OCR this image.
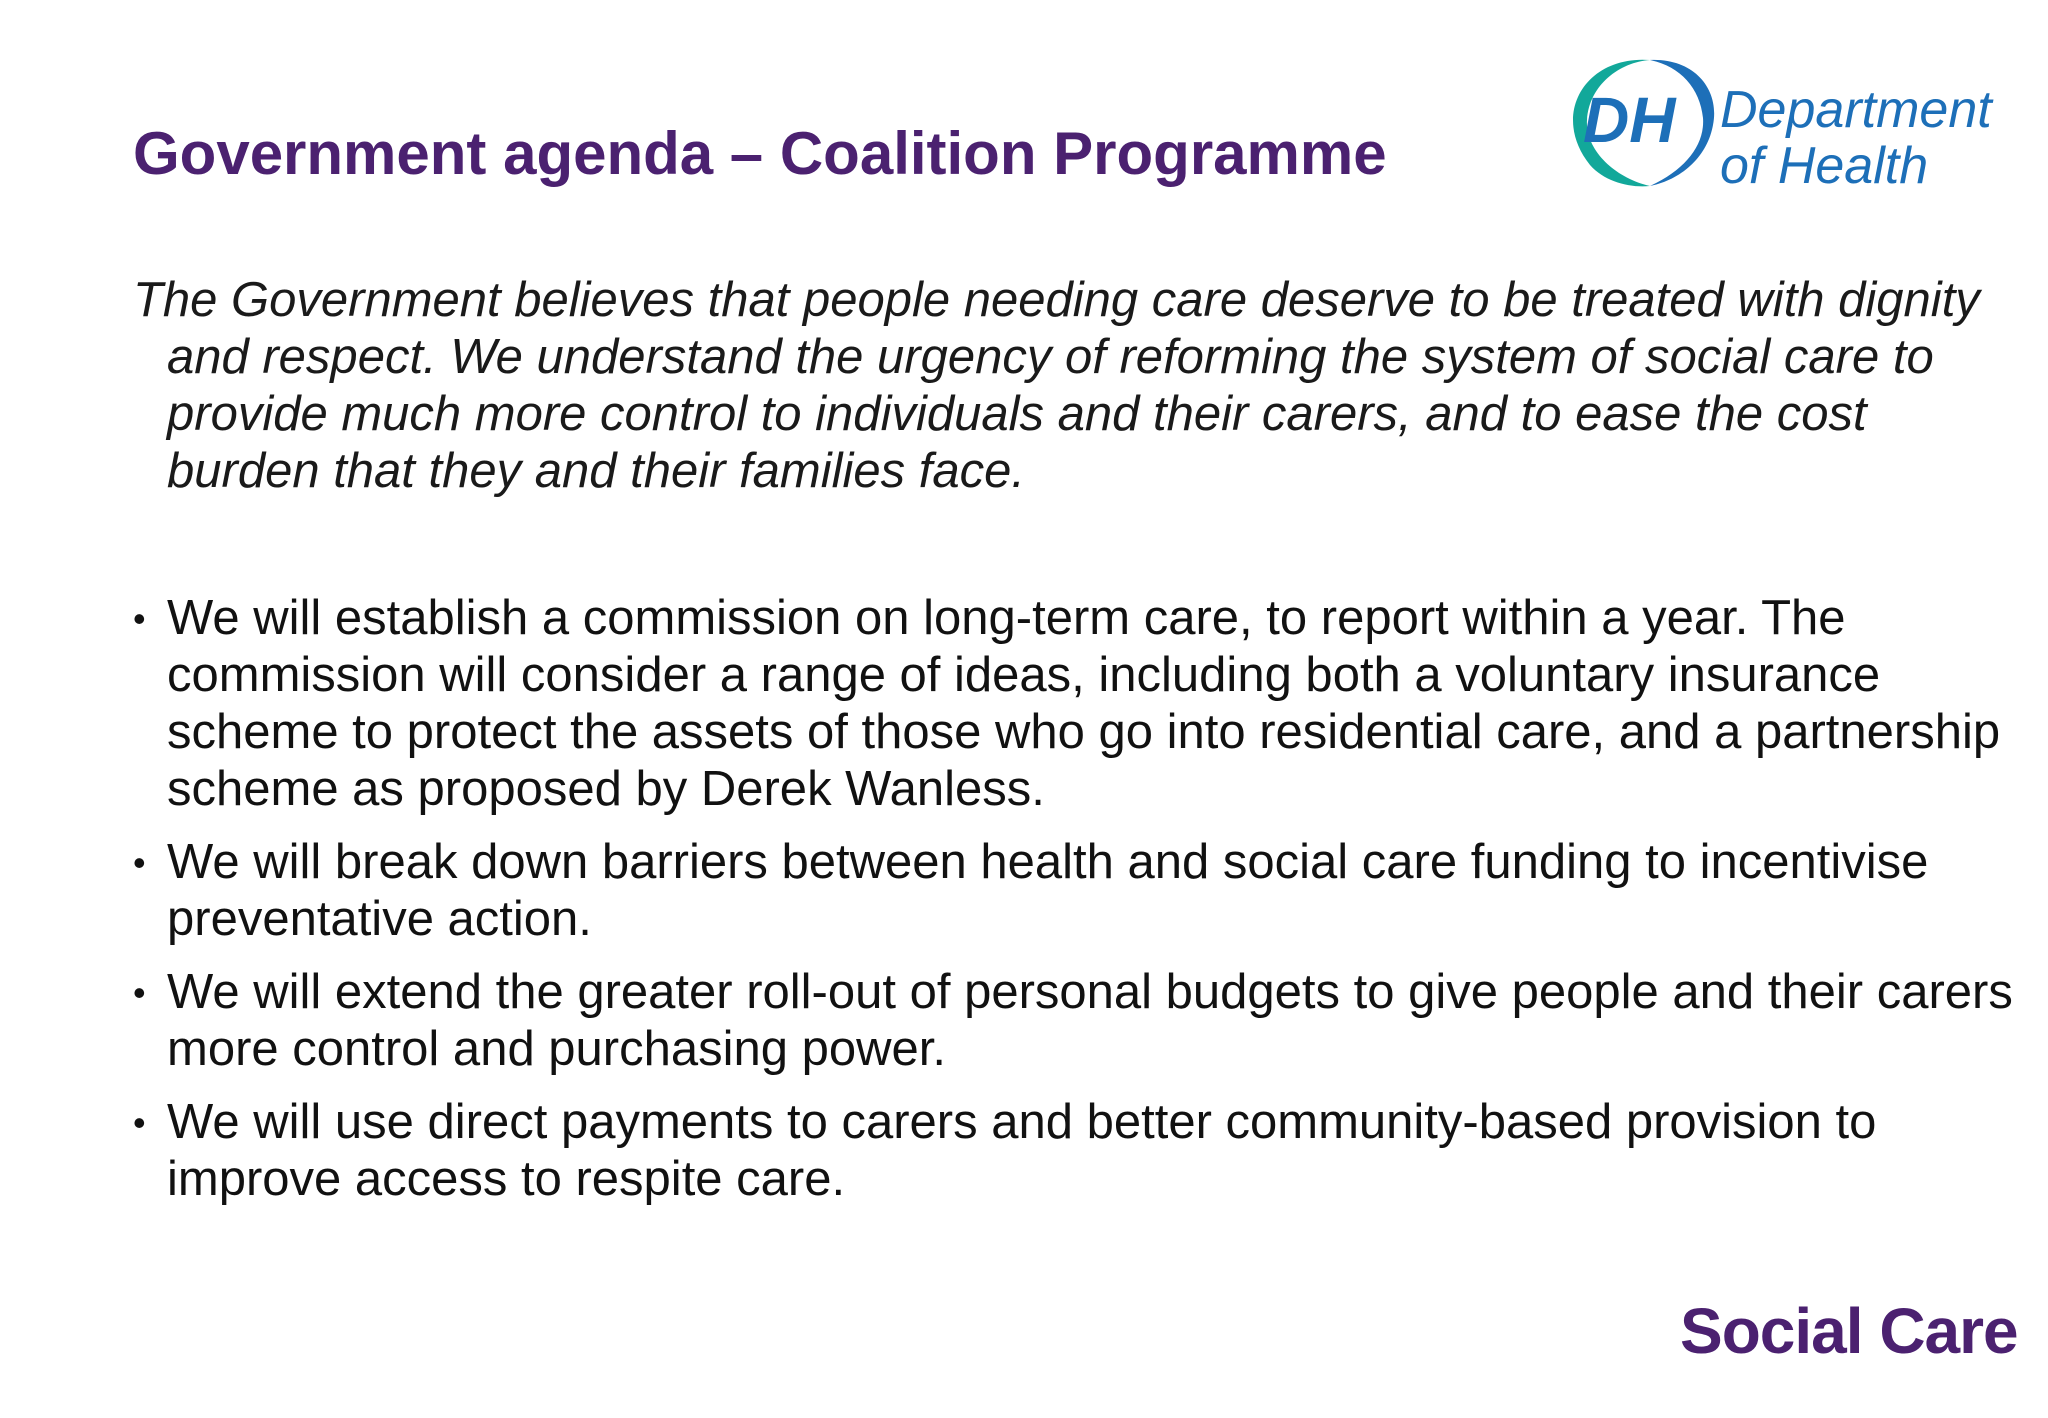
Government agenda – Coalition Programme	DH Department
of Health

The Government believes that people needing care deserve to be treated with dignity and respect. We understand the urgency of reforming the system of social care to provide much more control to individuals and their carers, and to ease the cost burden that they and their families face.

• We will establish a commission on long-term care, to report within a year. The commission will consider a range of ideas, including both a voluntary insurance scheme to protect the assets of those who go into residential care, and a partnership scheme as proposed by Derek Wanless.
• We will break down barriers between health and social care funding to incentivise preventative action.
• We will extend the greater roll-out of personal budgets to give people and their carers more control and purchasing power.
• We will use direct payments to carers and better community-based provision to improve access to respite care.
Social Care
